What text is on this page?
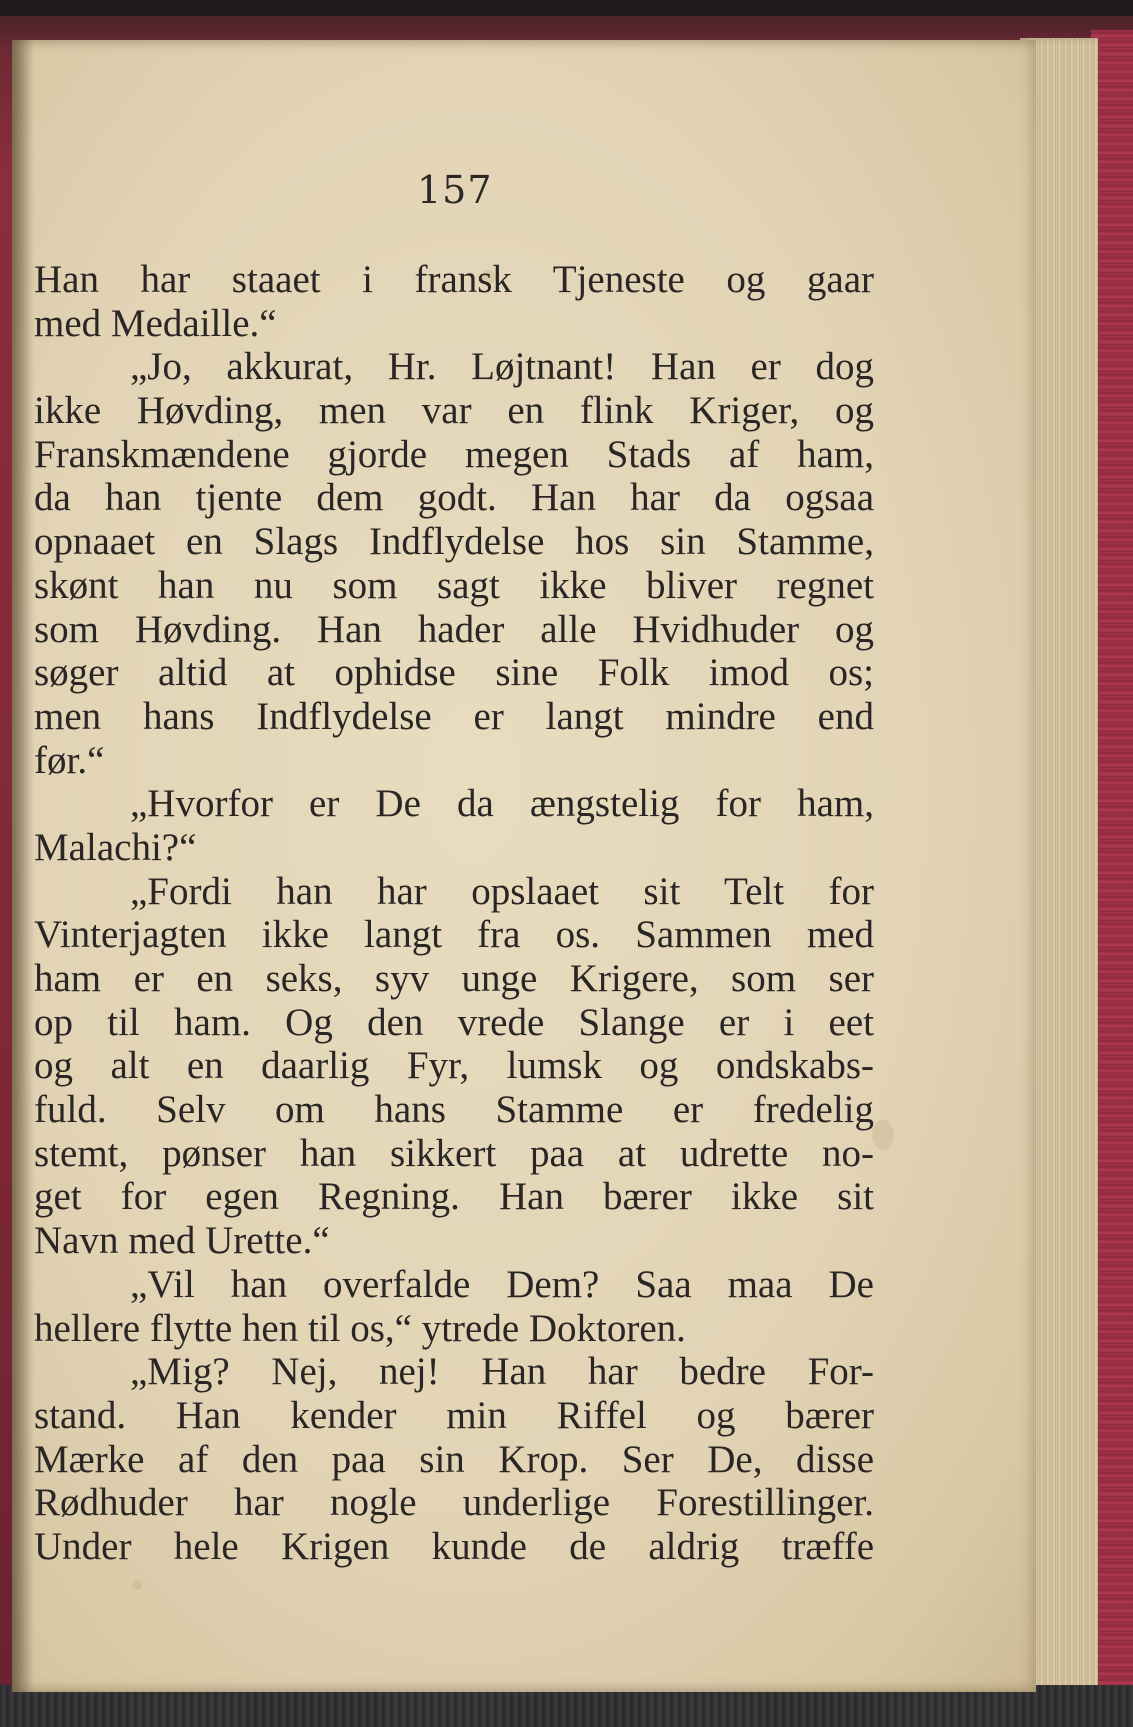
157
Han har staaet i fransk Tjeneste og gaar
med Medaille.“
„Jo, akkurat, Hr. Løjtnant! Han er dog
ikke Høvding, men var en flink Kriger, og
Franskmændene gjorde megen Stads af ham,
da han tjente dem godt. Han har da ogsaa
opnaaet en Slags Indflydelse hos sin Stamme,
skønt han nu som sagt ikke bliver regnet
som Høvding. Han hader alle Hvidhuder og
søger altid at ophidse sine Folk imod os;
men hans Indflydelse er langt mindre end
før.“
„Hvorfor er De da ængstelig for ham,
Malachi?“
„Fordi han har opslaaet sit Telt for
Vinterjagten ikke langt fra os. Sammen med
ham er en seks, syv unge Krigere, som ser
op til ham. Og den vrede Slange er i eet
og alt en daarlig Fyr, lumsk og ondskabs-
fuld. Selv om hans Stamme er fredelig
stemt, pønser han sikkert paa at udrette no-
get for egen Regning. Han bærer ikke sit
Navn med Urette.“
„Vil han overfalde Dem? Saa maa De
hellere flytte hen til os,“ ytrede Doktoren.
„Mig? Nej, nej! Han har bedre For-
stand. Han kender min Riffel og bærer
Mærke af den paa sin Krop. Ser De, disse
Rødhuder har nogle underlige Forestillinger.
Under hele Krigen kunde de aldrig træffe
